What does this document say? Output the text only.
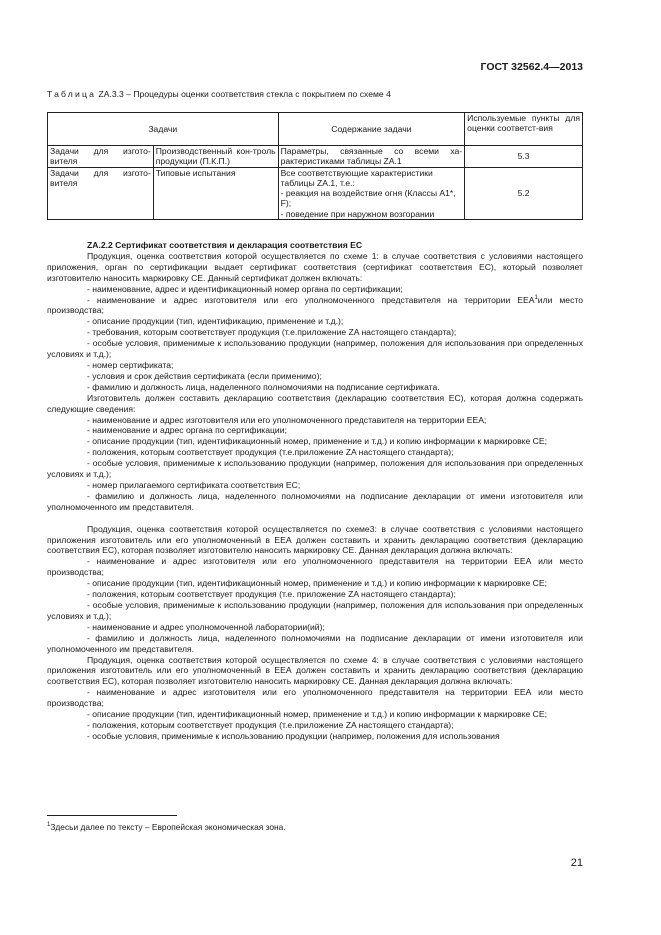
ГОСТ 32562.4—2013
Таблица ZA.3.3 – Процедуры оценки соответствия стекла с покрытием по схеме 4
Задачи		Содержание задачи	Используемые пункты для оценки соответст-вия
Задачи для изгото-вителя	Производственный кон-троль продукции (П.К.П.)	Параметры, связанные со всеми ха-рактеристиками таблицы ZA.1	5.3
Задачи для изгото-вителя	Типовые испытания	Все соответствующие характеристики таблицы ZA.1, т.е.:
- реакция на воздействие огня (Классы А1*, F);
- поведение при наружном возгорании	5.2

ZA.2.2 Сертификат соответствия и декларация соответствия ЕС

Продукция, оценка соответствия которой осуществляется по схеме 1: в случае соответствия с условиями настоящего приложения, орган по сертификации выдает сертификат соответствия (сертификат соответствия ЕС), который позволяет изготовителю наносить маркировку СЕ. Данный сертификат должен включать:

- наименование, адрес и идентификационный номер органа по сертификации;

- наименование и адрес изготовителя или его уполномоченного представителя на территории ЕЕА$^1$или место производства;

- описание продукции (тип, идентификацию, применение и т.д.);

- требования, которым соответствует продукция (т.е.приложение ZA настоящего стандарта);

- особые условия, применимые к использованию продукции (например, положения для использования при определенных условиях и т.д.);

- номер сертификата;

- условия и срок действия сертификата (если применимо);

- фамилию и должность лица, наделенного полномочиями на подписание сертификата.

Изготовитель должен составить декларацию соответствия (декларацию соответствия ЕС), которая должна содержать следующие сведения:

- наименование и адрес изготовителя или его уполномоченного представителя на территории ЕЕА;

- наименование и адрес органа по сертификации;

- описание продукции (тип, идентификационный номер, применение и т.д.) и копию информации к маркировке СЕ;

- положения, которым соответствует продукция (т.е.приложение ZA настоящего стандарта);

- особые условия, применимые к использованию продукции (например, положения для использования при определенных условиях и т.д.);

- номер прилагаемого сертификата соответствия ЕС;

- фамилию и должность лица, наделенного полномочиями на подписание декларации от имени изготовителя или уполномоченного им представителя.

Продукция, оценка соответствия которой осуществляется по схеме3: в случае соответствия с условиями настоящего приложения изготовитель или его уполномоченный в ЕЕА должен составить и хранить декларацию соответствия (декларацию соответствия ЕС), которая позволяет изготовителю наносить маркировку СЕ. Данная декларация должна включать:

- наименование и адрес изготовителя или его уполномоченного представителя на территории ЕЕА или место производства;

- описание продукции (тип, идентификационный номер, применение и т.д.) и копию информации к маркировке СЕ;

- положения, которым соответствует продукция (т.е. приложение ZA настоящего стандарта);

- особые условия, применимые к использованию продукции (например, положения для использования при определенных условиях и т.д.);

- наименование и адрес уполномоченной лаборатории(ий);

- фамилию и должность лица, наделенного полномочиями на подписание декларации от имени изготовителя или уполномоченного им представителя.

Продукция, оценка соответствия которой осуществляется по схеме 4: в случае соответствия с условиями настоящего приложения изготовитель или его уполномоченный в ЕЕА должен составить и хранить декларацию соответствия (декларацию соответствия ЕС), которая позволяет изготовителю наносить маркировку СЕ. Данная декларация должна включать:

- наименование и адрес изготовителя или его уполномоченного представителя на территории ЕЕА или место производства;

- описание продукции (тип, идентификационный номер, применение и т.д.) и копию информации к маркировке СЕ;

- положения, которым соответствует продукция (т.е.приложение ZA настоящего стандарта);

- особые условия, применимые к использованию продукции (например, положения для использования

$^1$Здесьи далее по тексту – Европейская экономическая зона.
21
